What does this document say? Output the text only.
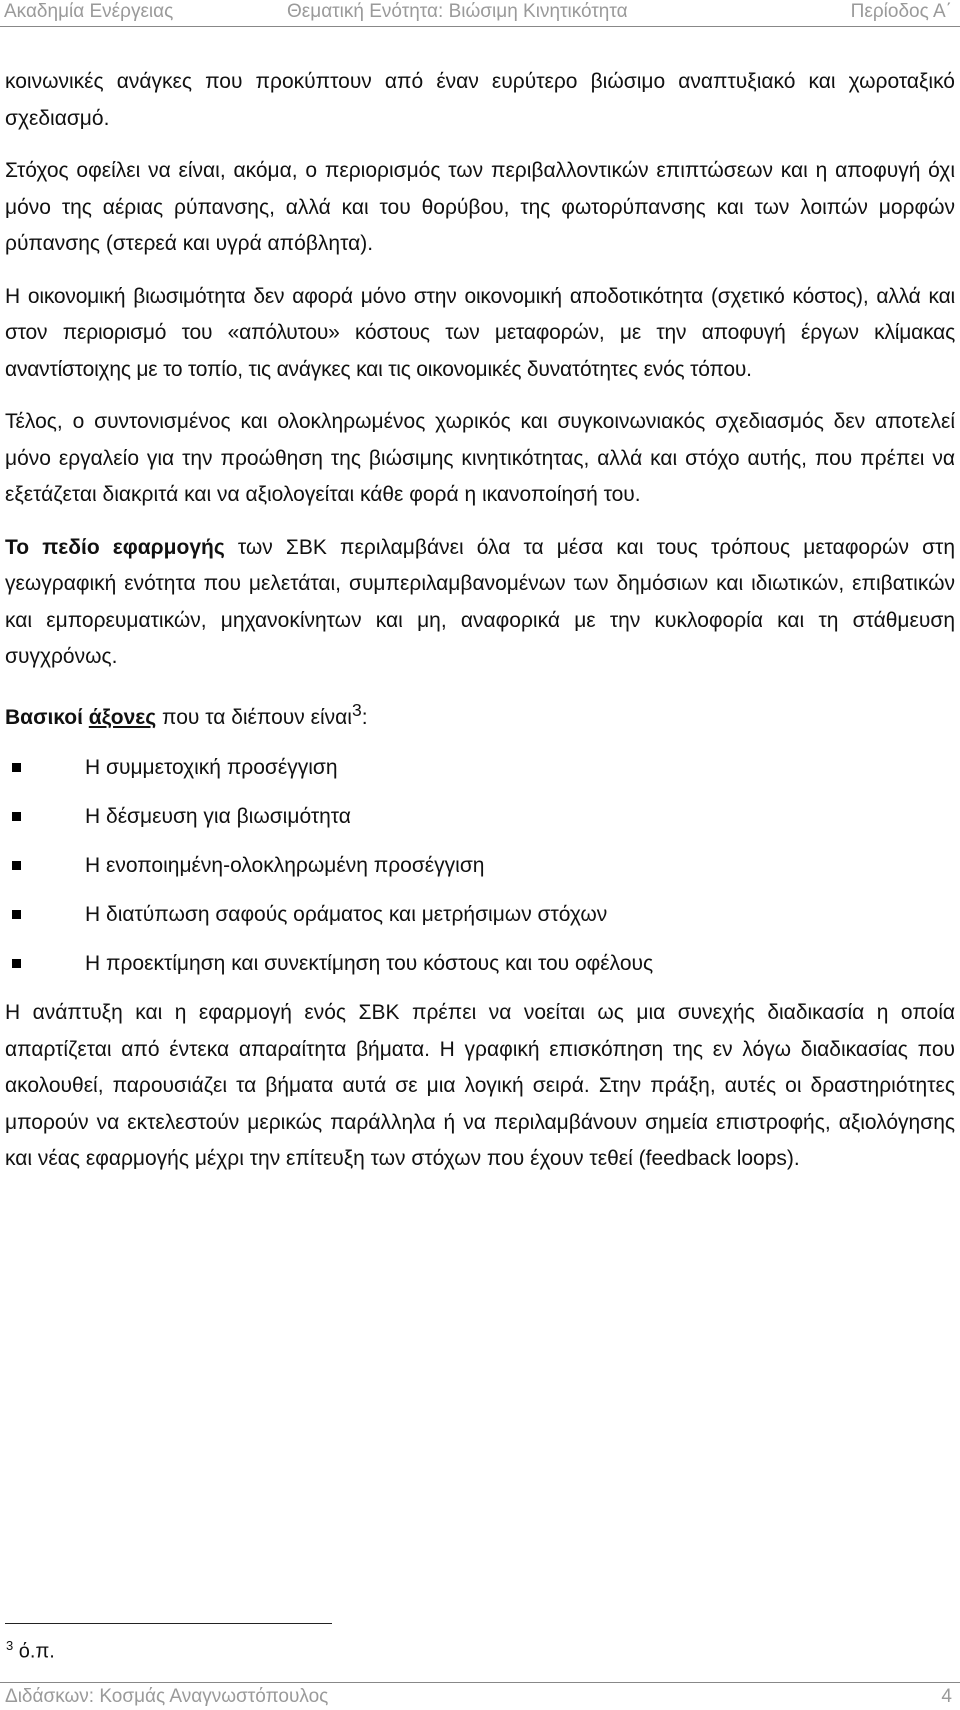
Ακαδημία Ενέργειας	Θεματική Ενότητα: Βιώσιμη Κινητικότητα	Περίοδος Α΄

κοινωνικές ανάγκες που προκύπτουν από έναν ευρύτερο βιώσιμο αναπτυξιακό και χωροταξικό σχεδιασμό.

Στόχος οφείλει να είναι, ακόμα, ο περιορισμός των περιβαλλοντικών επιπτώσεων και η αποφυγή όχι μόνο της αέριας ρύπανσης, αλλά και του θορύβου, της φωτορύπανσης και των λοιπών μορφών ρύπανσης (στερεά και υγρά απόβλητα).

Η οικονομική βιωσιμότητα δεν αφορά μόνο στην οικονομική αποδοτικότητα (σχετικό κόστος), αλλά και στον περιορισμό του «απόλυτου» κόστους των μεταφορών, με την αποφυγή έργων κλίμακας αναντίστοιχης με το τοπίο, τις ανάγκες και τις οικονομικές δυνατότητες ενός τόπου.

Τέλος, ο συντονισμένος και ολοκληρωμένος χωρικός και συγκοινωνιακός σχεδιασμός δεν αποτελεί μόνο εργαλείο για την προώθηση της βιώσιμης κινητικότητας, αλλά και στόχο αυτής, που πρέπει να εξετάζεται διακριτά και να αξιολογείται κάθε φορά η ικανοποίησή του.

Το πεδίο εφαρμογής των ΣΒΚ περιλαμβάνει όλα τα μέσα και τους τρόπους μεταφορών στη γεωγραφική ενότητα που μελετάται, συμπεριλαμβανομένων των δημόσιων και ιδιωτικών, επιβατικών και εμπορευματικών, μηχανοκίνητων και μη, αναφορικά με την κυκλοφορία και τη στάθμευση συγχρόνως.

Βασικοί άξονες που τα διέπουν είναι$^3$:

Η συμμετοχική προσέγγιση
Η δέσμευση για βιωσιμότητα
Η ενοποιημένη-ολοκληρωμένη προσέγγιση
Η διατύπωση σαφούς οράματος και μετρήσιμων στόχων
Η προεκτίμηση και συνεκτίμηση του κόστους και του οφέλους

Η ανάπτυξη και η εφαρμογή ενός ΣΒΚ πρέπει να νοείται ως μια συνεχής διαδικασία η οποία απαρτίζεται από έντεκα απαραίτητα βήματα. Η γραφική επισκόπηση της εν λόγω διαδικασίας που ακολουθεί, παρουσιάζει τα βήματα αυτά σε μια λογική σειρά. Στην πράξη, αυτές οι δραστηριότητες μπορούν να εκτελεστούν μερικώς παράλληλα ή να περιλαμβάνουν σημεία επιστροφής, αξιολόγησης και νέας εφαρμογής μέχρι την επίτευξη των στόχων που έχουν τεθεί (feedback loops).

$^3$ ό.π.
Διδάσκων: Κοσμάς Αναγνωστόπουλος	4
